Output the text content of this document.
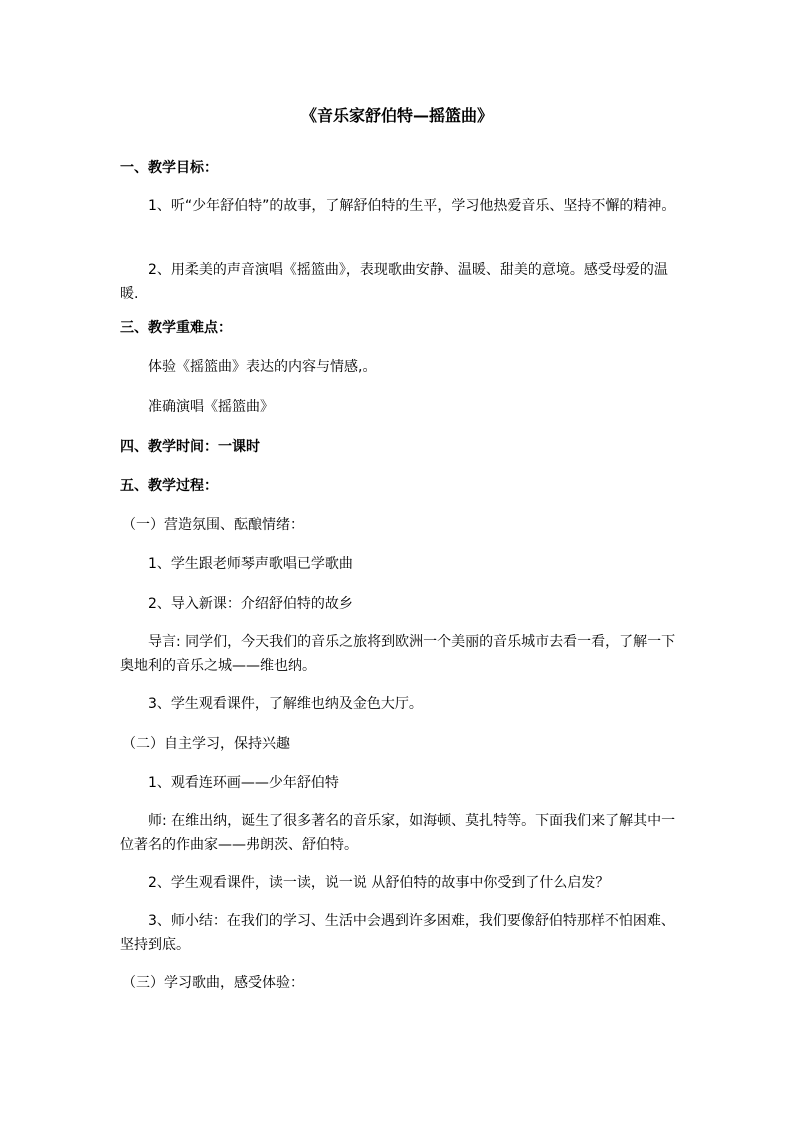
《音乐家舒伯特—摇篮曲》
一、教学目标：
1、听“少年舒伯特”的故事，了解舒伯特的生平，学习他热爱音乐、坚持不懈的精神。
2、用柔美的声音演唱《摇篮曲》，表现歌曲安静、温暖、甜美的意境。感受母爱的温暖.
三、教学重难点：
体验《摇篮曲》表达的内容与情感,。
准确演唱《摇篮曲》
四、教学时间：一课时
五、教学过程：
（一）营造氛围、酝酿情绪：
1、学生跟老师琴声歌唱已学歌曲
2、导入新课：介绍舒伯特的故乡
导言: 同学们，今天我们的音乐之旅将到欧洲一个美丽的音乐城市去看一看，了解一下奥地利的音乐之城——维也纳。
3、学生观看课件，了解维也纳及金色大厅。
（二）自主学习，保持兴趣
1、观看连环画——少年舒伯特
师: 在维出纳，诞生了很多著名的音乐家，如海顿、莫扎特等。下面我们来了解其中一位著名的作曲家——弗朗茨、舒伯特。
2、学生观看课件，读一读，说一说 从舒伯特的故事中你受到了什么启发？
3、师小结：在我们的学习、生活中会遇到许多困难，我们要像舒伯特那样不怕困难、坚持到底。
（三）学习歌曲，感受体验：
